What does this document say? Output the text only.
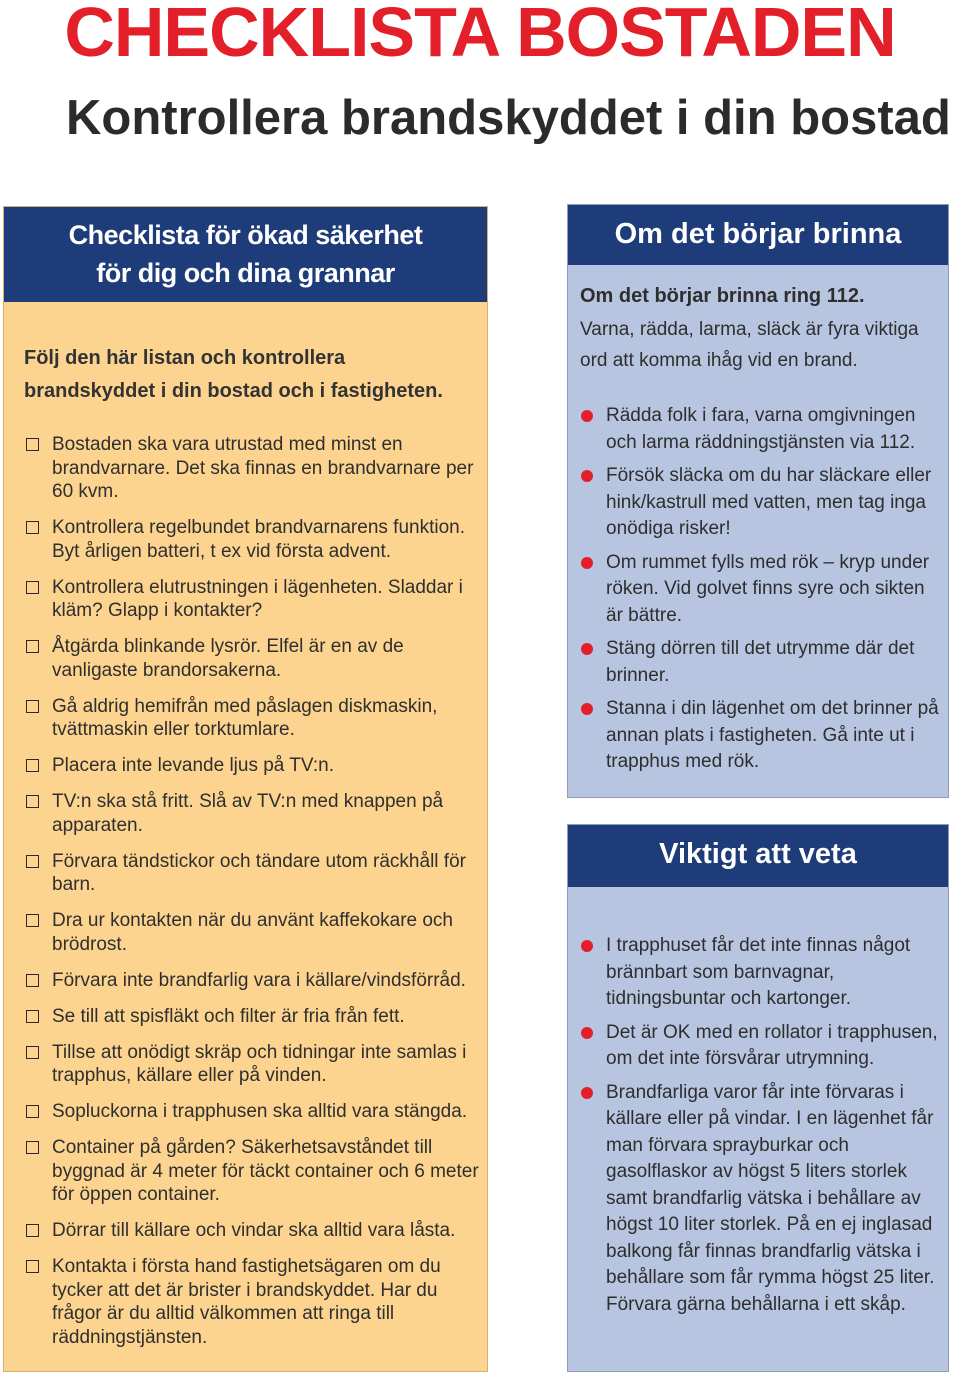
CHECKLISTA BOSTADEN
Kontrollera brandskyddet i din bostad
Checklista för ökad säkerhet
för dig och dina grannar
Följ den här listan och kontrollera brandskyddet i din bostad och i fastigheten.
Bostaden ska vara utrustad med minst en brandvarnare. Det ska finnas en brandvarnare per 60 kvm.
Kontrollera regelbundet brandvarnarens funktion. Byt årligen batteri, t ex vid första advent.
Kontrollera elutrustningen i lägenheten. Sladdar i kläm? Glapp i kontakter?
Åtgärda blinkande lysrör. Elfel är en av de vanligaste brandorsakerna.
Gå aldrig hemifrån med påslagen diskmaskin, tvättmaskin eller torktumlare.
Placera inte levande ljus på TV:n.
TV:n ska stå fritt. Slå av TV:n med knappen på apparaten.
Förvara tändstickor och tändare utom räckhåll för barn.
Dra ur kontakten när du använt kaffekokare och brödrost.
Förvara inte brandfarlig vara i källare/vindsförråd.
Se till att spisfläkt och filter är fria från fett.
Tillse att onödigt skräp och tidningar inte samlas i trapphus, källare eller på vinden.
Sopluckorna i trapphusen ska alltid vara stängda.
Container på gården? Säkerhetsavståndet till byggnad är 4 meter för täckt container och 6 meter för öppen container.
Dörrar till källare och vindar ska alltid vara låsta.
Kontakta i första hand fastighetsägaren om du tycker att det är brister i brandskyddet. Har du frågor är du alltid välkommen att ringa till räddningstjänsten.
Om det börjar brinna
Om det börjar brinna ring 112.
Varna, rädda, larma, släck är fyra viktiga ord att komma ihåg vid en brand.
Rädda folk i fara, varna omgivningen och larma räddningstjänsten via 112.
Försök släcka om du har släckare eller hink/kastrull med vatten, men tag inga onödiga risker!
Om rummet fylls med rök – kryp under röken. Vid golvet finns syre och sikten är bättre.
Stäng dörren till det utrymme där det brinner.
Stanna i din lägenhet om det brinner på annan plats i fastigheten. Gå inte ut i trapphus med rök.
Viktigt att veta
I trapphuset får det inte finnas något brännbart som barnvagnar, tidningsbuntar och kartonger.
Det är OK med en rollator i trapphusen, om det inte försvårar utrymning.
Brandfarliga varor får inte förvaras i källare eller på vindar. I en lägenhet får man förvara sprayburkar och gasolflaskor av högst 5 liters storlek samt brandfarlig vätska i behållare av högst 10 liter storlek. På en ej inglasad balkong får finnas brandfarlig vätska i behållare som får rymma högst 25 liter. Förvara gärna behållarna i ett skåp.
